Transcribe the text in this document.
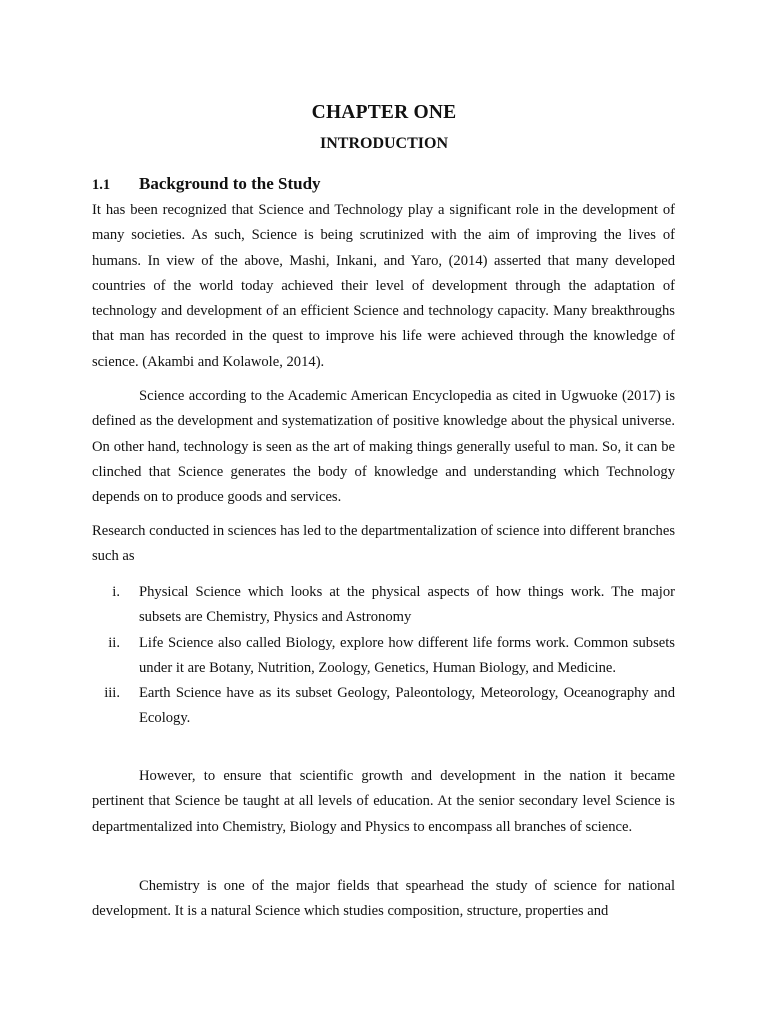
CHAPTER ONE
INTRODUCTION
1.1 Background to the Study

It has been recognized that Science and Technology play a significant role in the development of many societies. As such, Science is being scrutinized with the aim of improving the lives of humans. In view of the above, Mashi, Inkani, and Yaro, (2014) asserted that many developed countries of the world today achieved their level of development through the adaptation of technology and development of an efficient Science and technology capacity. Many breakthroughs that man has recorded in the quest to improve his life were achieved through the knowledge of science. (Akambi and Kolawole, 2014).

Science according to the Academic American Encyclopedia as cited in Ugwuoke (2017) is defined as the development and systematization of positive knowledge about the physical universe. On other hand, technology is seen as the art of making things generally useful to man. So, it can be clinched that Science generates the body of knowledge and understanding which Technology depends on to produce goods and services.

Research conducted in sciences has led to the departmentalization of science into different branches such as

i. Physical Science which looks at the physical aspects of how things work. The major subsets are Chemistry, Physics and Astronomy
ii. Life Science also called Biology, explore how different life forms work. Common subsets under it are Botany, Nutrition, Zoology, Genetics, Human Biology, and Medicine.
iii. Earth Science have as its subset Geology, Paleontology, Meteorology, Oceanography and Ecology.

However, to ensure that scientific growth and development in the nation it became pertinent that Science be taught at all levels of education. At the senior secondary level Science is departmentalized into Chemistry, Biology and Physics to encompass all branches of science.

Chemistry is one of the major fields that spearhead the study of science for national development. It is a natural Science which studies composition, structure, properties and
